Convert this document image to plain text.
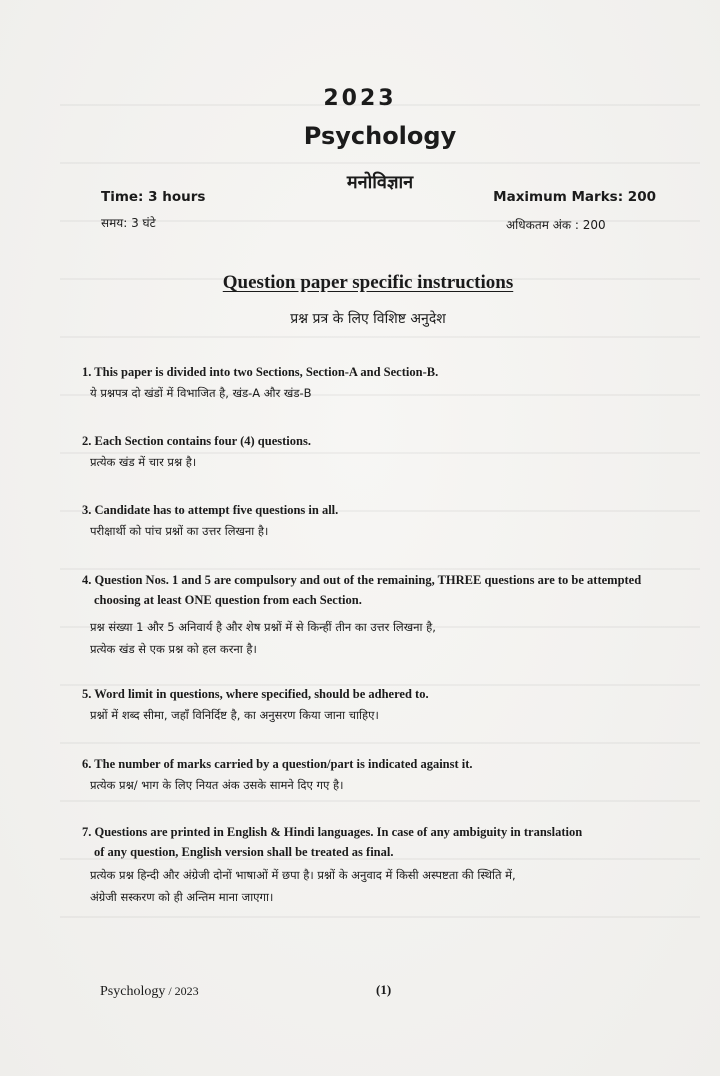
2023
Psychology
मनोविज्ञान
Time: 3 hours
समय: 3 घंटे
Maximum Marks: 200
अधिकतम अंक : 200
Question paper specific instructions
प्रश्न प्रत्र के लिए विशिष्ट अनुदेश
1. This paper is divided into two Sections, Section-A and Section-B.
ये प्रश्नपत्र दो खंडों में विभाजित है, खंड-A और खंड-B
2. Each Section contains four (4) questions.
प्रत्येक खंड में चार प्रश्न है।
3. Candidate has to attempt five questions in all.
परीक्षार्थी को पांच प्रश्नों का उत्तर लिखना है।
4. Question Nos. 1 and 5 are compulsory and out of the remaining, THREE questions are to be attempted
choosing at least ONE question from each Section.
प्रश्न संख्या 1 और 5 अनिवार्य है और शेष प्रश्नों में से किन्हीं तीन का उत्तर लिखना है,
प्रत्येक खंड से एक प्रश्न को हल करना है।
5. Word limit in questions, where specified, should be adhered to.
प्रश्नों में शब्द सीमा, जहाँ विनिर्दिष्ट है, का अनुसरण किया जाना चाहिए।
6. The number of marks carried by a question/part is indicated against it.
प्रत्येक प्रश्न/ भाग के लिए नियत अंक उसके सामने दिए गए है।
7. Questions are printed in English & Hindi languages. In case of any ambiguity in translation
of any question, English version shall be treated as final.
प्रत्येक प्रश्न हिन्दी और अंग्रेजी दोनों भाषाओं में छपा है। प्रश्नों के अनुवाद में किसी अस्पष्टता की स्थिति में,
अंग्रेजी सस्करण को ही अन्तिम माना जाएगा।
Psychology / 2023	(1)
